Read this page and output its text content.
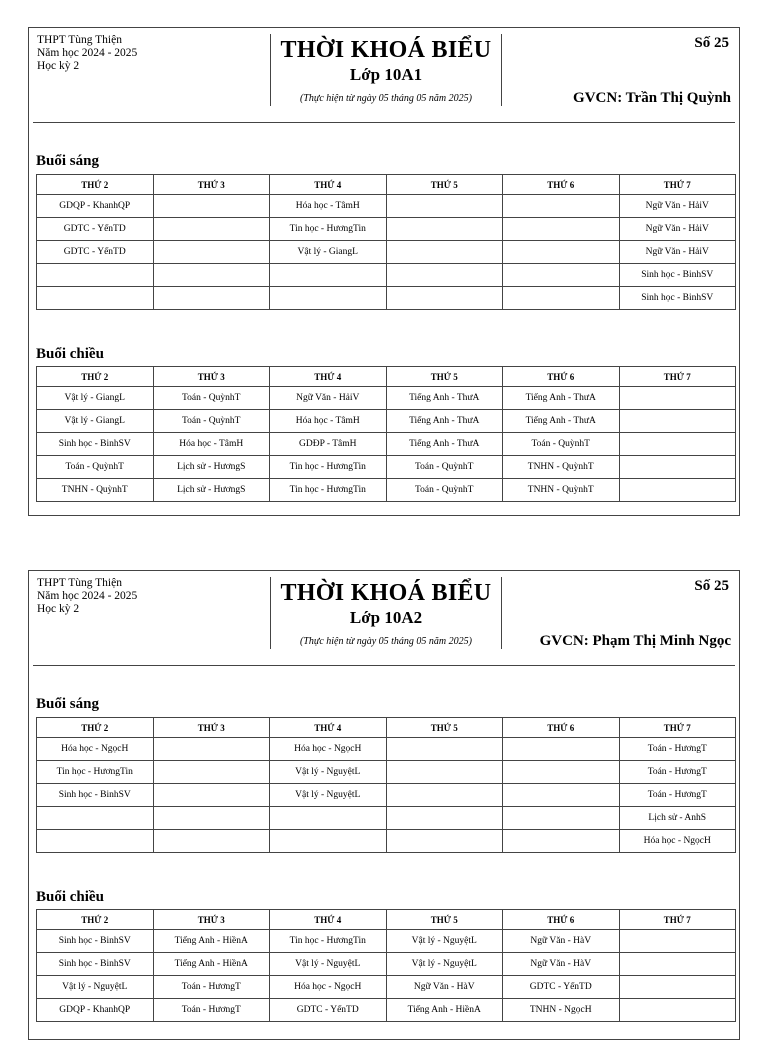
THPT Tùng Thiện
Năm học 2024 - 2025
Học kỳ 2
THỜI KHOÁ BIỂU
Lớp 10A1
(Thực hiện từ ngày 05 tháng 05 năm 2025)
Số 25
GVCN: Trần Thị Quỳnh
Buổi sáng
THỨ 2	THỨ 3	THỨ 4	THỨ 5	THỨ 6	THỨ 7
GDQP - KhanhQP		Hóa học - TâmH			Ngữ Văn - HảiV
GDTC - YếnTD		Tin học - HươngTin			Ngữ Văn - HảiV
GDTC - YếnTD		Vật lý - GiangL			Ngữ Văn - HảiV
					Sinh học - BinhSV
					Sinh học - BinhSV
Buổi chiều
THỨ 2	THỨ 3	THỨ 4	THỨ 5	THỨ 6	THỨ 7
Vật lý - GiangL	Toán - QuỳnhT	Ngữ Văn - HảiV	Tiếng Anh - ThưA	Tiếng Anh - ThưA	
Vật lý - GiangL	Toán - QuỳnhT	Hóa học - TâmH	Tiếng Anh - ThưA	Tiếng Anh - ThưA	
Sinh học - BinhSV	Hóa học - TâmH	GDĐP - TâmH	Tiếng Anh - ThưA	Toán - QuỳnhT	
Toán - QuỳnhT	Lịch sử - HươngS	Tin học - HươngTin	Toán - QuỳnhT	TNHN - QuỳnhT	
TNHN - QuỳnhT	Lịch sử - HươngS	Tin học - HươngTin	Toán - QuỳnhT	TNHN - QuỳnhT	
THPT Tùng Thiện
Năm học 2024 - 2025
Học kỳ 2
THỜI KHOÁ BIỂU
Lớp 10A2
(Thực hiện từ ngày 05 tháng 05 năm 2025)
Số 25
GVCN: Phạm Thị Minh Ngọc
Buổi sáng
THỨ 2	THỨ 3	THỨ 4	THỨ 5	THỨ 6	THỨ 7
Hóa học - NgọcH		Hóa học - NgọcH			Toán - HươngT
Tin học - HươngTin		Vật lý - NguyệtL			Toán - HươngT
Sinh học - BinhSV		Vật lý - NguyệtL			Toán - HươngT
					Lịch sử - AnhS
					Hóa học - NgọcH
Buổi chiều
THỨ 2	THỨ 3	THỨ 4	THỨ 5	THỨ 6	THỨ 7
Sinh học - BinhSV	Tiếng Anh - HiềnA	Tin học - HươngTin	Vật lý - NguyệtL	Ngữ Văn - HàV	
Sinh học - BinhSV	Tiếng Anh - HiềnA	Vật lý - NguyệtL	Vật lý - NguyệtL	Ngữ Văn - HàV	
Vật lý - NguyệtL	Toán - HươngT	Hóa học - NgọcH	Ngữ Văn - HàV	GDTC - YếnTD	
GDQP - KhanhQP	Toán - HươngT	GDTC - YếnTD	Tiếng Anh - HiềnA	TNHN - NgọcH	
